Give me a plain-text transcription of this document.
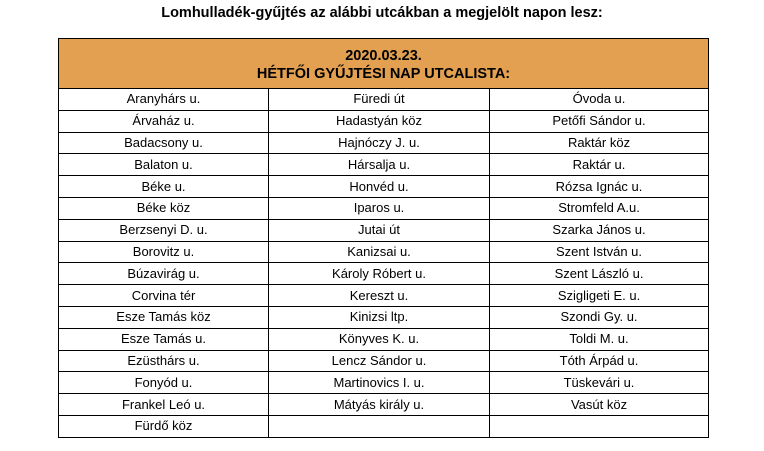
Lomhulladék-gyűjtés az alábbi utcákban a megjelölt napon lesz:
2020.03.23.
HÉTFŐI GYŰJTÉSI NAP UTCALISTA:		

Aranyhárs u.	Füredi út	Óvoda u.
Árvaház u.	Hadastyán köz	Petőfi Sándor u.
Badacsony u.	Hajnóczy J. u.	Raktár köz
Balaton u.	Hársalja u.	Raktár u.
Béke u.	Honvéd u.	Rózsa Ignác u.
Béke köz	Iparos u.	Stromfeld A.u.
Berzsenyi D. u.	Jutai út	Szarka János u.
Borovitz u.	Kanizsai u.	Szent István u.
Búzavirág u.	Károly Róbert u.	Szent László u.
Corvina tér	Kereszt u.	Szigligeti E. u.
Esze Tamás köz	Kinizsi ltp.	Szondi Gy. u.
Esze Tamás u.	Könyves K. u.	Toldi M. u.
Ezüsthárs u.	Lencz Sándor u.	Tóth Árpád u.
Fonyód u.	Martinovics I. u.	Tüskevári u.
Frankel Leó u.	Mátyás király u.	Vasút köz
Fürdő köz		
